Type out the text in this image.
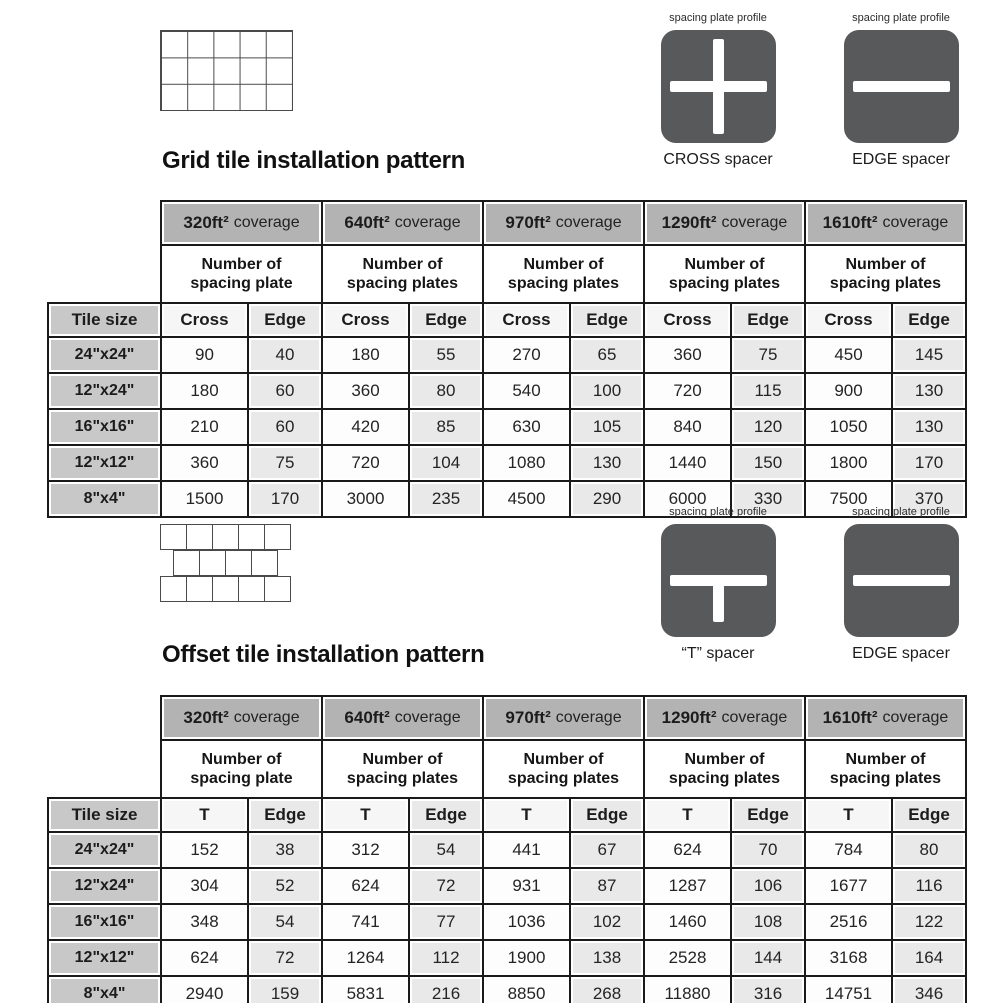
Grid tile installation pattern
spacing plate profile
CROSS spacer
spacing plate profile
EDGE spacer

	320ft² coverage		640ft² coverage		970ft² coverage		1290ft² coverage		1610ft² coverage	

Number of
spacing plate

Number of
spacing plates

Number of
spacing plates

Number of
spacing plates

Number of
spacing plates

Tile size	Cross	Edge	Cross	Edge	Cross	Edge	Cross	Edge	Cross	Edge

24"x24"	90	40	180	55	270	65	360	75	450	145

12"x24"	180	60	360	80	540	100	720	115	900	130

16"x16"	210	60	420	85	630	105	840	120	1050	130

12"x12"	360	75	720	104	1080	130	1440	150	1800	170

8"x4"	1500	170	3000	235	4500	290	6000	330	7500	370
Offset tile installation pattern
spacing plate profile
“T” spacer
spacing plate profile
EDGE spacer

	320ft² coverage		640ft² coverage		970ft² coverage		1290ft² coverage		1610ft² coverage	

Number of
spacing plate

Number of
spacing plates

Number of
spacing plates

Number of
spacing plates

Number of
spacing plates

Tile size	T	Edge	T	Edge	T	Edge	T	Edge	T	Edge

24"x24"	152	38	312	54	441	67	624	70	784	80

12"x24"	304	52	624	72	931	87	1287	106	1677	116

16"x16"	348	54	741	77	1036	102	1460	108	2516	122

12"x12"	624	72	1264	112	1900	138	2528	144	3168	164

8"x4"	2940	159	5831	216	8850	268	11880	316	14751	346
